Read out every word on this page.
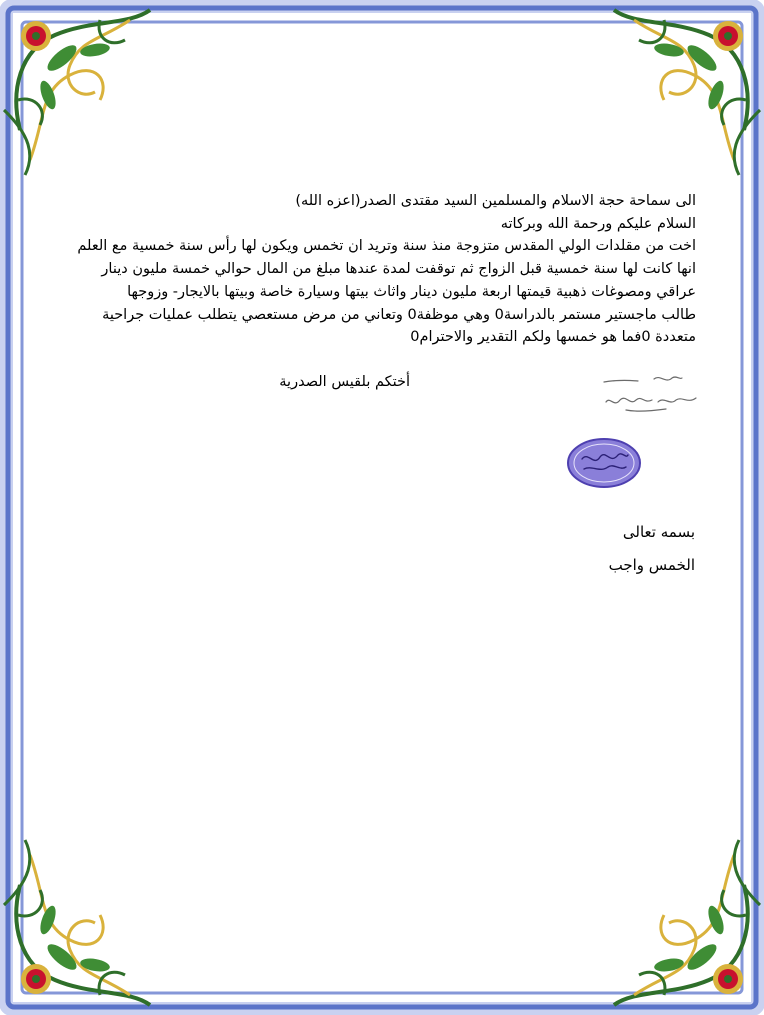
الى سماحة حجة الاسلام والمسلمين السيد مقتدى الصدر(اعزه الله)
السلام عليكم ورحمة الله وبركاته
اخت من مقلدات الولي المقدس متزوجة منذ سنة وتريد ان تخمس ويكون لها رأس سنة خمسية مع العلم
انها كانت لها سنة خمسية قبل الزواج ثم توقفت لمدة عندها مبلغ من المال حوالي خمسة مليون دينار
عراقي ومصوغات ذهبية قيمتها اربعة مليون دينار واثاث بيتها وسيارة خاصة وبيتها بالايجار- وزوجها
طالب ماجستير مستمر بالدراسة0 وهي موظفة0 وتعاني من مرض مستعصي يتطلب عمليات جراحية
متعددة 0فما هو خمسها ولكم التقدير والاحترام0
أختكم بلقيس الصدرية
بسمه تعالى
الخمس واجب
